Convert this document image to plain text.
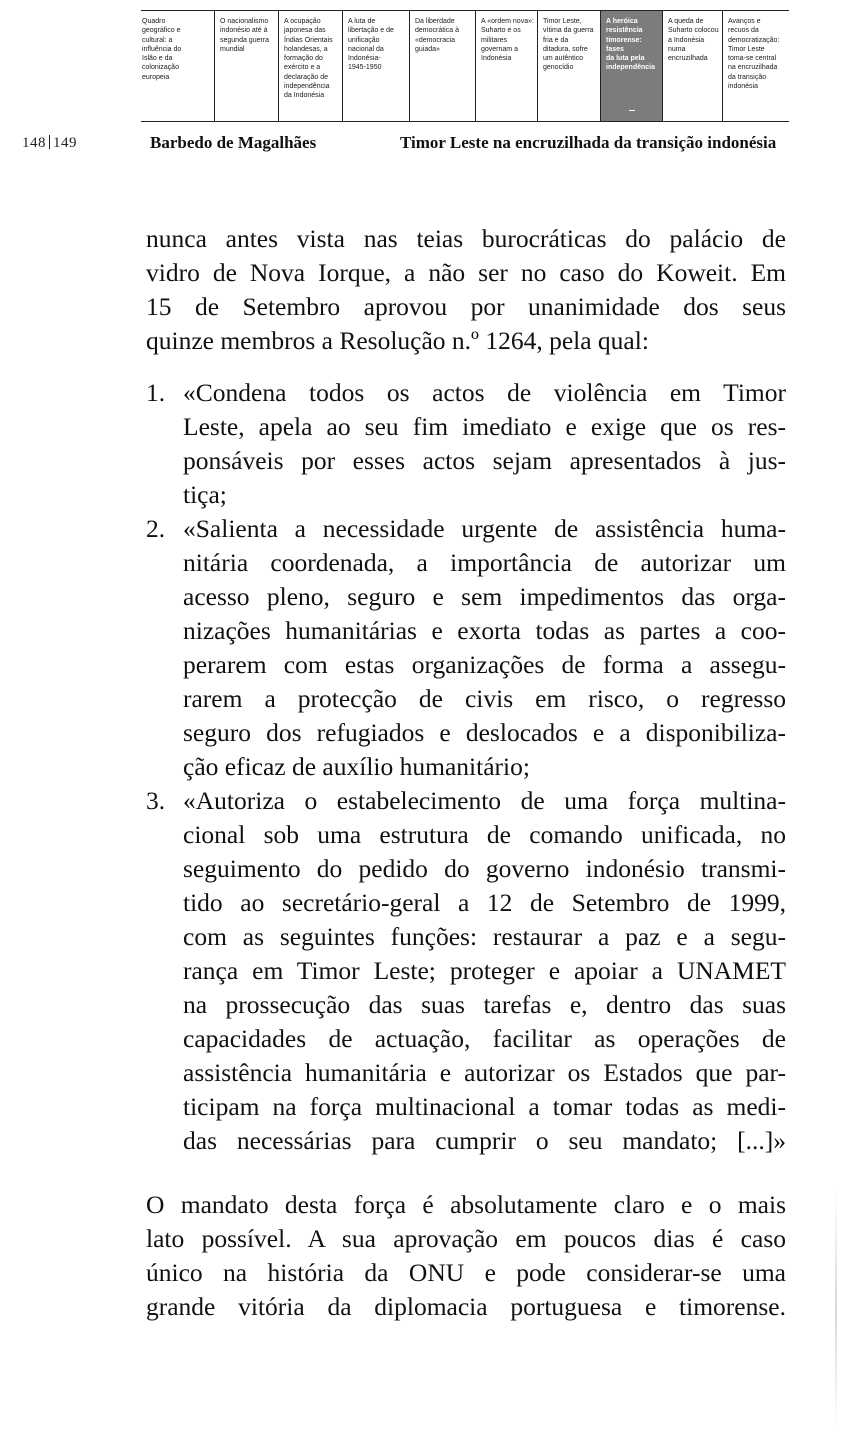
Quadro
geográfico e
cultural: a
influência do
Islão e da
colonização
europeia
O nacionalismo
indonésio até à
segunda guerra
mundial
A ocupação
japonesa das
Índias Orientais
holandesas, a
formação do
exército e a
declaração de
independência
da Indonésia
A luta de
libertação e de
unificação
nacional da
Indonésia-
1945-1950
Da liberdade
democrática à
«democracia
guiada»
A «ordem nova»:
Suharto e os
militares
governam a
Indonésia
Timor Leste,
vítima da guerra
fria e da
ditadura, sofre
um autêntico
genocídio
A heróica
resistência
timorense: fases
da luta pela
independência
A queda de
Suharto colocou
a Indonésia
numa
encruzilhada
Avanços e
recuos da
democratização:
Timor Leste
toma-se central
na encruzilhada
da transição
indonésia
148 149	Barbedo de Magalhães	Timor Leste na encruzilhada da transição indonésia

nunca antes vista nas teias burocráticas do palácio de
vidro de Nova Iorque, a não ser no caso do Koweit. Em
15 de Setembro aprovou por unanimidade dos seus
quinze membros a Resolução n.º 1264, pela qual:

1. «Condena todos os actos de violência em Timor
Leste, apela ao seu fim imediato e exige que os res-
ponsáveis por esses actos sejam apresentados à jus-
tiça;
2. «Salienta a necessidade urgente de assistência huma-
nitária coordenada, a importância de autorizar um
acesso pleno, seguro e sem impedimentos das orga-
nizações humanitárias e exorta todas as partes a coo-
perarem com estas organizações de forma a assegu-
rarem a protecção de civis em risco, o regresso
seguro dos refugiados e deslocados e a disponibiliza-
ção eficaz de auxílio humanitário;
3. «Autoriza o estabelecimento de uma força multina-
cional sob uma estrutura de comando unificada, no
seguimento do pedido do governo indonésio transmi-
tido ao secretário-geral a 12 de Setembro de 1999,
com as seguintes funções: restaurar a paz e a segu-
rança em Timor Leste; proteger e apoiar a UNAMET
na prossecução das suas tarefas e, dentro das suas
capacidades de actuação, facilitar as operações de
assistência humanitária e autorizar os Estados que par-
ticipam na força multinacional a tomar todas as medi-
das necessárias para cumprir o seu mandato; [...]»

O mandato desta força é absolutamente claro e o mais
lato possível. A sua aprovação em poucos dias é caso
único na história da ONU e pode considerar-se uma
grande vitória da diplomacia portuguesa e timorense.
